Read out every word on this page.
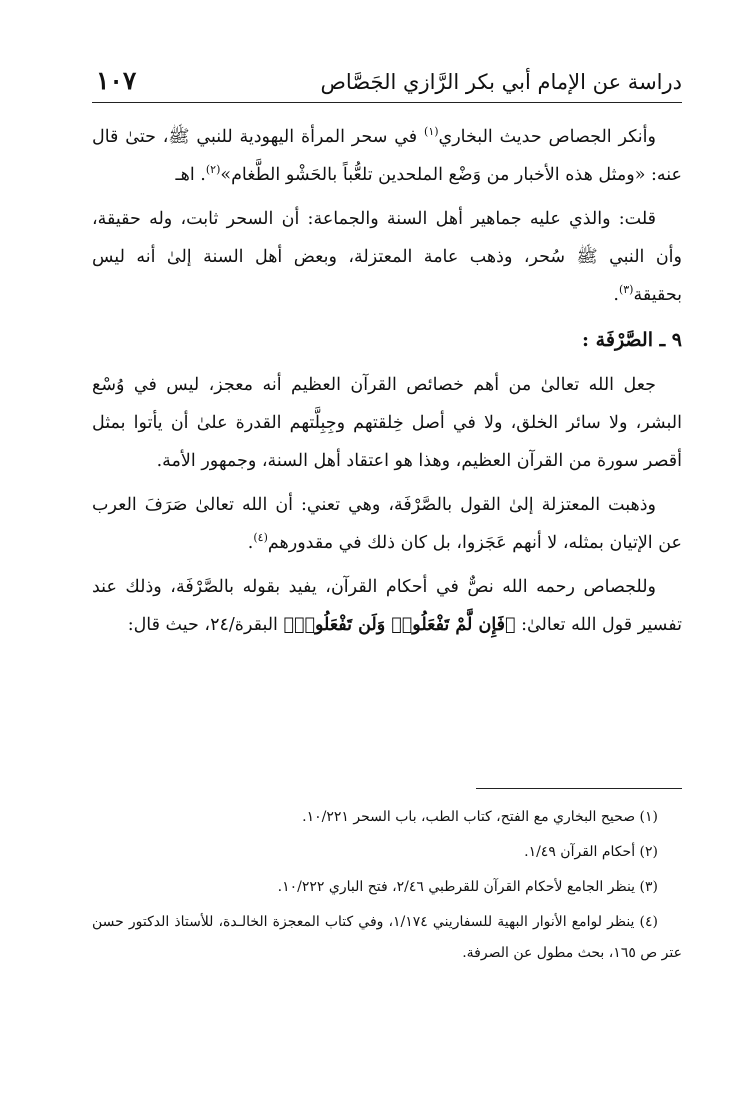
دراسة عن الإمام أبي بكر الرَّازي الجَصَّاص
١٠٧

وأنكر الجصاص حديث البخاري$^{(١)}$ في سحر المرأة اليهودية للنبي ﷺ، حتىٰ قال عنه: «ومثل هذه الأخبار من وَضْع الملحدين تلعُّباً بالحَشْو الطَّغام»$^{(٢)}$. اهـ

قلت: والذي عليه جماهير أهل السنة والجماعة: أن السحر ثابت، وله حقيقة، وأن النبي ﷺ سُحر، وذهب عامة المعتزلة، وبعض أهل السنة إلىٰ أنه ليس بحقيقة$^{(٣)}$.

٩ ـ الصَّرْفَة :

جعل الله تعالىٰ من أهم خصائص القرآن العظيم أنه معجز، ليس في وُسْع البشر، ولا سائر الخلق، ولا في أصل خِلقتهم وجِبِلَّتهم القدرة علىٰ أن يأتوا بمثل أقصر سورة من القرآن العظيم، وهذا هو اعتقاد أهل السنة، وجمهور الأمة.

وذهبت المعتزلة إلىٰ القول بالصَّرْفَة، وهي تعني: أن الله تعالىٰ صَرَفَ العرب عن الإتيان بمثله، لا أنهم عَجَزوا، بل كان ذلك في مقدورهم$^{(٤)}$.

وللجصاص رحمه الله نصٌّ في أحكام القرآن، يفيد بقوله بالصَّرْفَة، وذلك عند تفسير قول الله تعالىٰ: ﴿فَإِن لَّمْ تَفْعَلُوا۟ وَلَن تَفْعَلُوا۟﴾ البقرة/٢٤، حيث قال:

(١) صحيح البخاري مع الفتح، كتاب الطب، باب السحر ١٠/٢٢١.

(٢) أحكام القرآن ١/٤٩.

(٣) ينظر الجامع لأحكام القرآن للقرطبي ٢/٤٦، فتح الباري ١٠/٢٢٢.

(٤) ينظر لوامع الأنوار البهية للسفاريني ١/١٧٤، وفي كتاب المعجزة الخالـدة، للأستاذ الدكتور حسن عتر ص ١٦٥، بحث مطول عن الصرفة.
